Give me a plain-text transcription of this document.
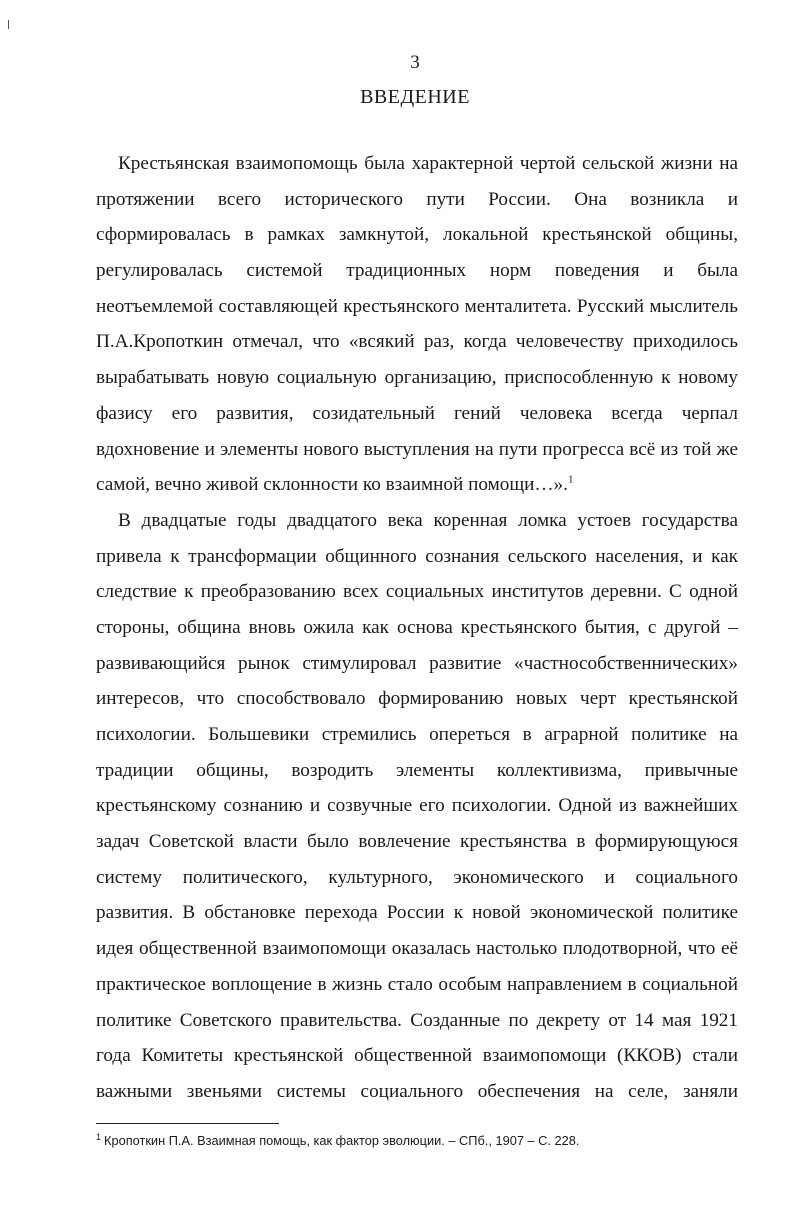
3
ВВЕДЕНИЕ

Крестьянская взаимопомощь была характерной чертой сельской жизни на
протяжении всего исторического пути России. Она возникла и
сформировалась в рамках замкнутой, локальной крестьянской общины,
регулировалась системой традиционных норм поведения и была
неотъемлемой составляющей крестьянского менталитета. Русский мыслитель
П.А.Кропоткин отмечал, что «всякий раз, когда человечеству приходилось
вырабатывать новую социальную организацию, приспособленную к новому
фазису его развития, созидательный гений человека всегда черпал
вдохновение и элементы нового выступления на пути прогресса всё из той же
самой, вечно живой склонности ко взаимной помощи…».$^1$

В двадцатые годы двадцатого века коренная ломка устоев государства
привела к трансформации общинного сознания сельского населения, и как
следствие к преобразованию всех социальных институтов деревни. С одной
стороны, община вновь ожила как основа крестьянского бытия, с другой –
развивающийся рынок стимулировал развитие «частнособственнических»
интересов, что способствовало формированию новых черт крестьянской
психологии. Большевики стремились опереться в аграрной политике на
традиции общины, возродить элементы коллективизма, привычные
крестьянскому сознанию и созвучные его психологии. Одной из важнейших
задач Советской власти было вовлечение крестьянства в формирующуюся
систему политического, культурного, экономического и социального
развития. В обстановке перехода России к новой экономической политике
идея общественной взаимопомощи оказалась настолько плодотворной, что её
практическое воплощение в жизнь стало особым направлением в социальной
политике Советского правительства. Созданные по декрету от 14 мая 1921
года Комитеты крестьянской общественной взаимопомощи (ККОВ) стали
важными звеньями системы социального обеспечения на селе, заняли

$^1$ Кропоткин П.А. Взаимная помощь, как фактор эволюции. – СПб., 1907 – С. 228.
